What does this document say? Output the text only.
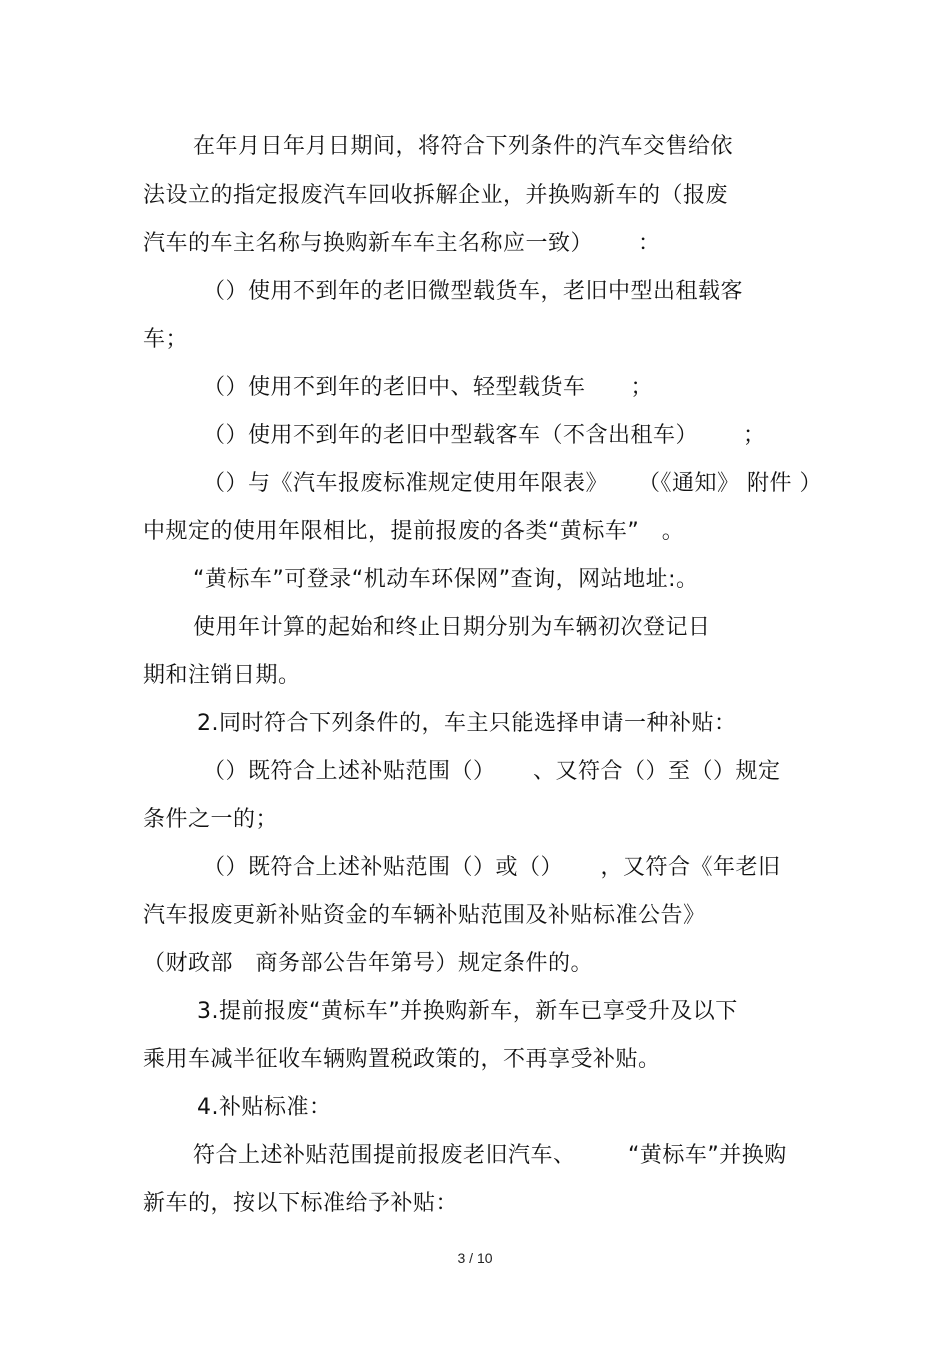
在年月日年月日期间，将符合下列条件的汽车交售给依
法设立的指定报废汽车回收拆解企业，并换购新车的（报废
汽车的车主名称与换购新车车主名称应一致）      ：
（）使用不到年的老旧微型载货车，老旧中型出租载客
车；
（）使用不到年的老旧中、轻型载货车      ；
（）使用不到年的老旧中型载客车（不含出租车）      ；
（）与《汽车报废标准规定使用年限表》    （《通知》 附件 ）
中规定的使用年限相比，提前报废的各类“黄标车”   。
“黄标车”可登录“机动车环保网”查询，网站地址:。
使用年计算的起始和终止日期分别为车辆初次登记日
期和注销日期。
2.同时符合下列条件的，车主只能选择申请一种补贴：
（）既符合上述补贴范围（）     、又符合（）至（）规定
条件之一的；
（）既符合上述补贴范围（）或（）     ，又符合《年老旧
汽车报废更新补贴资金的车辆补贴范围及补贴标准公告》
（财政部   商务部公告年第号）规定条件的。
3.提前报废“黄标车”并换购新车，新车已享受升及以下
乘用车减半征收车辆购置税政策的，不再享受补贴。
4.补贴标准：
符合上述补贴范围提前报废老旧汽车、       “黄标车”并换购
新车的，按以下标准给予补贴：
3 / 10
